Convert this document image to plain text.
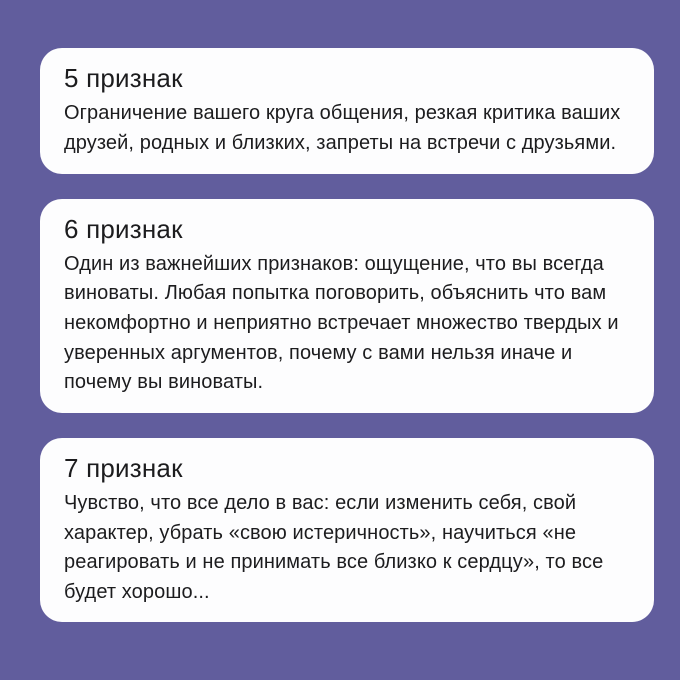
5 признак

Ограничение вашего круга общения, резкая критика ваших друзей, родных и близких, запреты на встречи с друзьями.

6 признак

Один из важнейших признаков: ощущение, что вы всегда виноваты. Любая попытка поговорить, объяснить что вам некомфортно и неприятно встречает множество твердых и уверенных аргументов, почему с вами нельзя иначе и почему вы виноваты.

7 признак

Чувство, что все дело в вас: если изменить себя, свой характер, убрать «свою истеричность», научиться «не реагировать и не принимать все близко к сердцу», то все будет хорошо...
